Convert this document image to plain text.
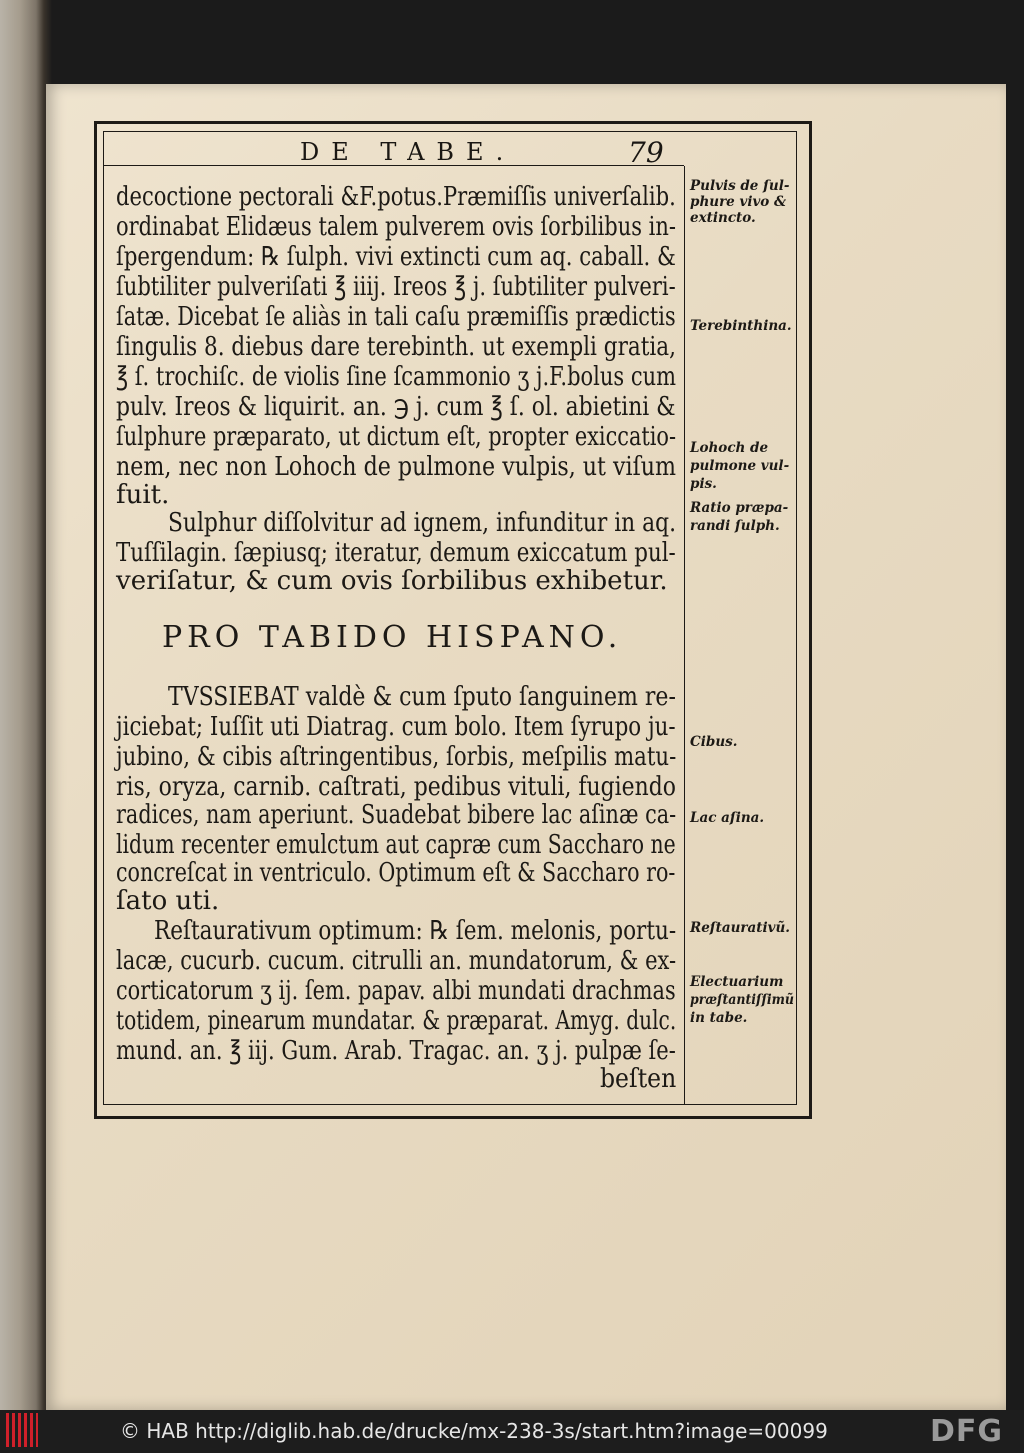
DE TABE.	79
decoctione pectorali &F.potus.Præmiſſis univerſalib.
ordinabat Elidæus talem pulverem ovis ſorbilibus in-
ſpergendum: ℞ ſulph. vivi extincti cum aq. caball. &
ſubtiliter pulveriſati ℥ iiij. Ireos ℥ j. ſubtiliter pulveri-
ſatæ. Dicebat ſe aliàs in tali caſu præmiſſis prædictis
ſingulis 8. diebus dare terebinth. ut exempli gratia,
℥ ſ. trochiſc. de violis ſine ſcammonio ʒ j.F.bolus cum
pulv. Ireos & liquirit. an. ℈ j. cum ℥ ſ. ol. abietini &
ſulphure præparato, ut dictum eſt, propter exiccatio-
nem, nec non Lohoch de pulmone vulpis, ut viſum
fuit.
Sulphur diſſolvitur ad ignem, infunditur in aq.
Tuſſilagin. ſæpiusq; iteratur, demum exiccatum pul-
veriſatur, & cum ovis ſorbilibus exhibetur.
PRO TABIDO HISPANO.
TVSSIEBAT valdè & cum ſputo ſanguinem re-
jiciebat; Iuſſit uti Diatrag. cum bolo. Item ſyrupo ju-
jubino, & cibis aſtringentibus, ſorbis, meſpilis matu-
ris, oryza, carnib. caſtrati, pedibus vituli, fugiendo
radices, nam aperiunt. Suadebat bibere lac aſinæ ca-
lidum recenter emulctum aut capræ cum Saccharo ne
concreſcat in ventriculo. Optimum eſt & Saccharo ro-
ſato uti.
Reſtaurativum optimum: ℞ ſem. melonis, portu-
lacæ, cucurb. cucum. citrulli an. mundatorum, & ex-
corticatorum ʒ ij. ſem. papav. albi mundati drachmas
totidem, pinearum mundatar. & præparat. Amyg. dulc.
mund. an. ℥ iij. Gum. Arab. Tragac. an. ʒ j. pulpæ ſe-
beſten
Pulvis de ſul-
phure vivo &
extincto.
Terebinthina.
Lohoch de
pulmone vul-
pis.
Ratio præpa-
randi ſulph.
Cibus.
Lac aſina.
Reſtaurativũ.
Electuarium
præſtantiſſimũ
in tabe.
© HAB http://diglib.hab.de/drucke/mx-238-3s/start.htm?image=00099	DFG
